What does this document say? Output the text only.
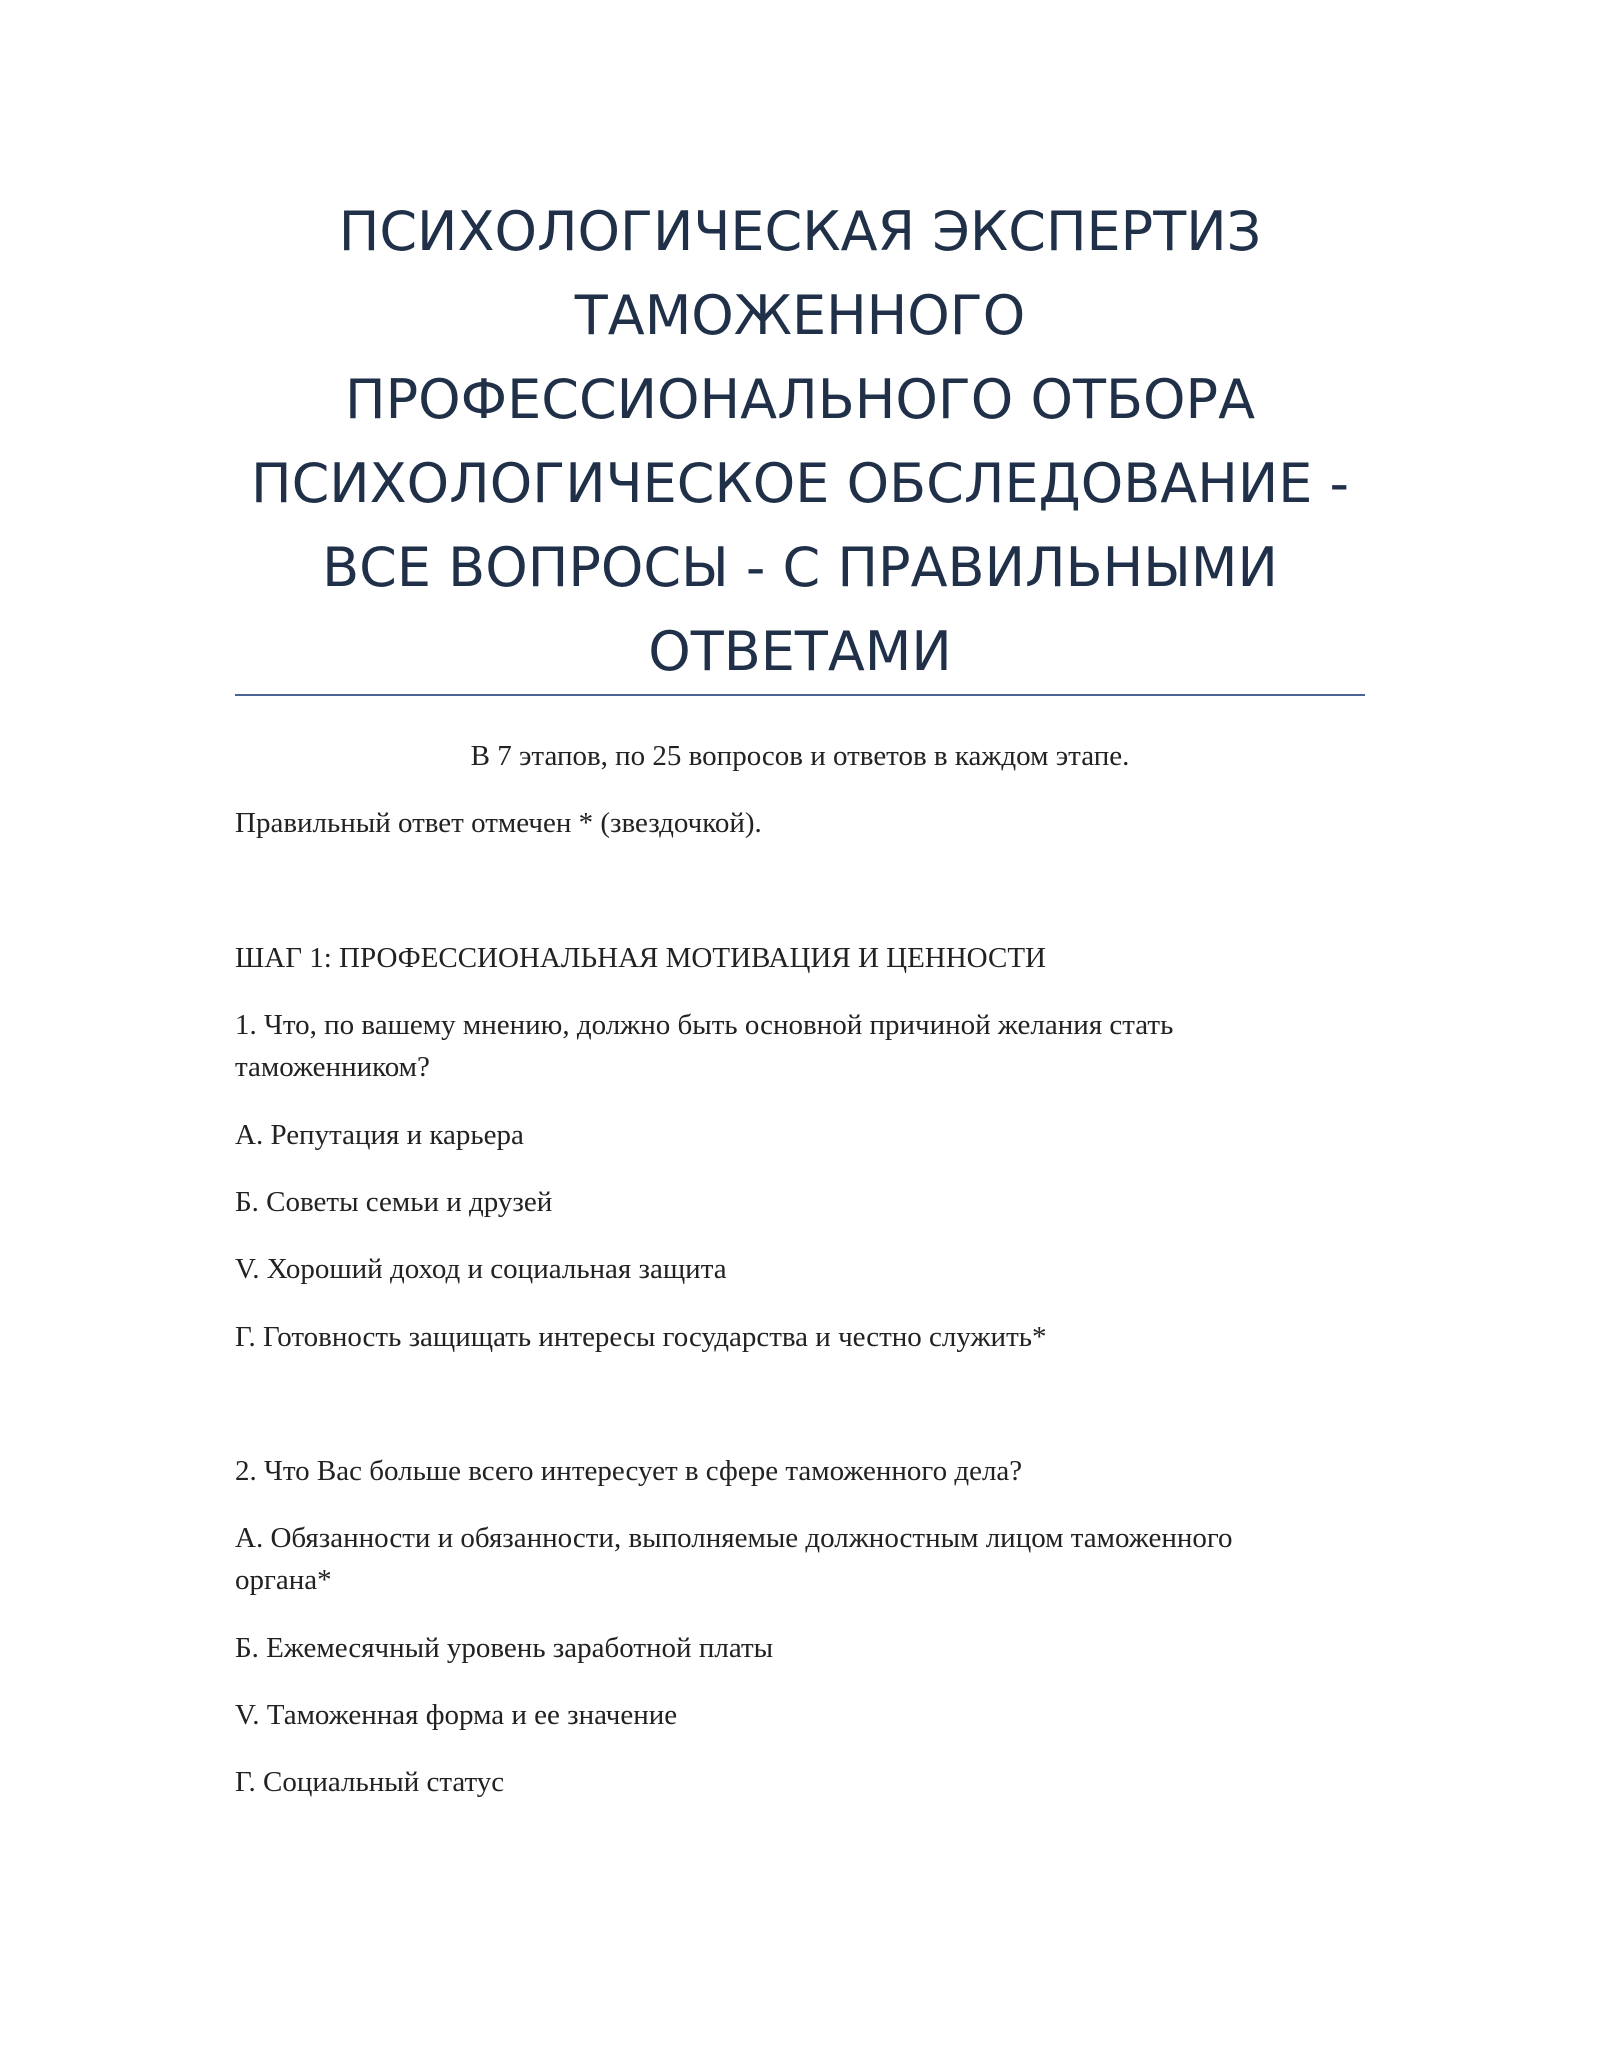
ПСИХОЛОГИЧЕСКАЯ ЭКСПЕРТИЗ
ТАМОЖЕННОГО
ПРОФЕССИОНАЛЬНОГО ОТБОРА
ПСИХОЛОГИЧЕСКОЕ ОБСЛЕДОВАНИЕ -
ВСЕ ВОПРОСЫ - С ПРАВИЛЬНЫМИ
ОТВЕТАМИ
В 7 этапов, по 25 вопросов и ответов в каждом этапе.
Правильный ответ отмечен * (звездочкой).
ШАГ 1: ПРОФЕССИОНАЛЬНАЯ МОТИВАЦИЯ И ЦЕННОСТИ
1. Что, по вашему мнению, должно быть основной причиной желания стать
таможенником?
А. Репутация и карьера
Б. Советы семьи и друзей
V. Хороший доход и социальная защита
Г. Готовность защищать интересы государства и честно служить*
2. Что Вас больше всего интересует в сфере таможенного дела?
А. Обязанности и обязанности, выполняемые должностным лицом таможенного
органа*
Б. Ежемесячный уровень заработной платы
V. Таможенная форма и ее значение
Г. Социальный статус
